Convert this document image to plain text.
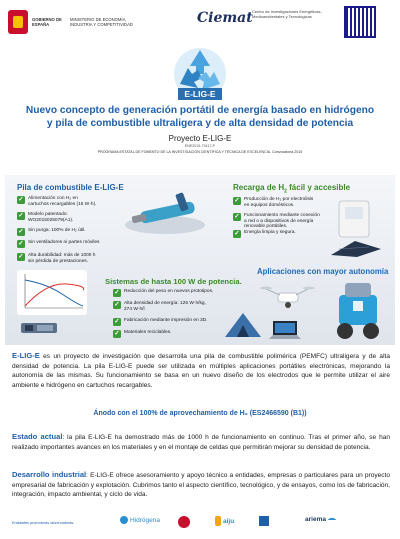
GOBIERNO DE ESPAÑA
MINISTERIO DE ECONOMÍA, INDUSTRIA Y COMPETITIVIDAD	Ciemat Centro de Investigaciones Energéticas, Medioambientales y Tecnológicas
E-LIG-E
Nuevo concepto de generación portátil de energía basado en hidrógeno
y pila de combustible ultraligera y de alta densidad de potencia
Proyecto E-LIG-E
ENE2015-73417-P
PROGRAMA ESTATAL DE FOMENTO DE LA INVESTIGACIÓN CIENTÍFICA Y TÉCNICA DE EXCELENCIA. Convocatoria 2015
Pila de combustible E-LIG-E
✓ Alimentación con H₂ en cartuchos recargables (15 W·h).
✓ Modelo patentado: WO2015025079(A1).
✓ Sin purga: 100% de H₂ útil.
✓ Sin ventiladores ni partes móviles
✓ Alta durabilidad: más de 1000 h sin pérdida de prestaciones.
Recarga de $H_2$ fácil y accesible
✓ Producción de H₂ por electrolisis en equipos domésticos.
✓ Funcionamiento mediante conexión a red o a dispositivos de energía renovable portátiles.
✓ Energía limpia y segura.
Aplicaciones con mayor autonomía
Sistemas de hasta 100 W de potencia.
✓ Reducción del peso en nuevos prototipos.
✓ Alta densidad de energía: 125 W·h/kg, 274 W·h/l
✓ Fabricación mediante impresión en 3D.
✓ Materiales reciclables.
E-LIG-E es un proyecto de investigación que desarrolla una pila de combustible polimérica (PEMFC) ultraligera y de alta densidad de potencia. La pila E-LIG-E puede ser utilizada en múltiples aplicaciones portátiles electrónicas, mejorando la autonomía de las mismas. Su funcionamiento se basa en un nuevo diseño de los electrodos que le permite utilizar el aire ambiente e hidrógeno en cartuchos recargables.
Ánodo con el 100% de aprovechamiento de H₂ (ES2466590 (B1))
Estado actual: la pila E-LIG-E ha demostrado más de 1000 h de funcionamiento en continuo. Tras el primer año, se han realizado importantes avances en los materiales y en el montaje de celdas que permitirán mejorar su densidad de potencia.
Desarrollo industrial: E-LIG-E ofrece asesoramiento y apoyo técnico a entidades, empresas o particulares para un proyecto empresarial de fabricación y explotación. Cubrimos tanto el aspecto científico, tecnológico, y de ensayos, como los de fabricación, integración, impacto ambiental, y ciclo de vida.
Entidades promotoras observadoras:	Hidrógena	aiju	ariema
